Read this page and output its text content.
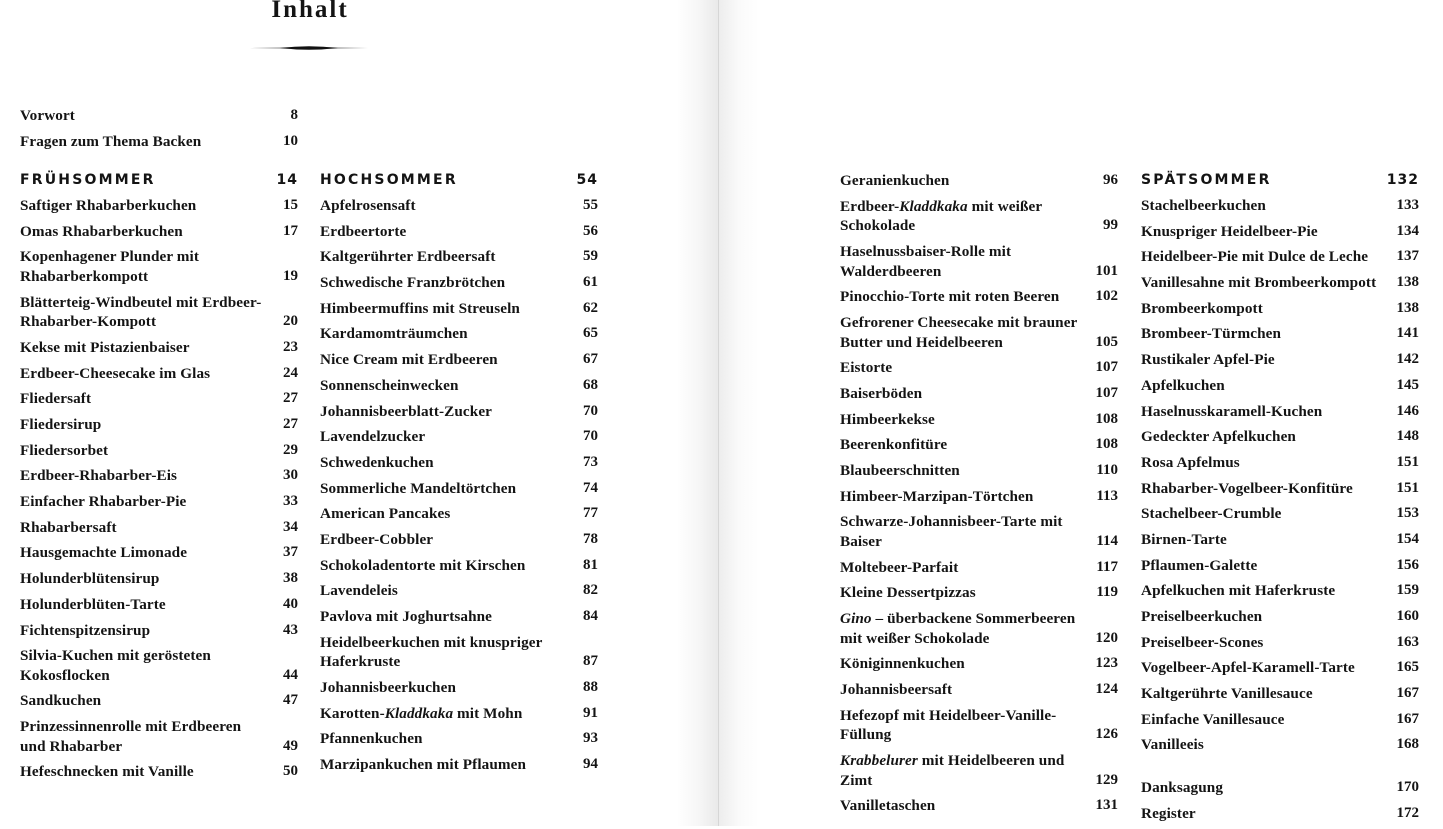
Inhalt
Vorwort	8
Fragen zum Thema Backen	10
FRÜHSOMMER	14
Saftiger Rhabarberkuchen	15
Omas Rhabarberkuchen	17
Kopenhagener Plunder mit Rhabarberkompott	19
Blätterteig-Windbeutel mit Erdbeer-Rhabarber-Kompott	20
Kekse mit Pistazienbaiser	23
Erdbeer-Cheesecake im Glas	24
Fliedersaft	27
Fliedersirup	27
Fliedersorbet	29
Erdbeer-Rhabarber-Eis	30
Einfacher Rhabarber-Pie	33
Rhabarbersaft	34
Hausgemachte Limonade	37
Holunderblütensirup	38
Holunderblüten-Tarte	40
Fichtenspitzensirup	43
Silvia-Kuchen mit gerösteten Kokosflocken	44
Sandkuchen	47
Prinzessinnenrolle mit Erdbeeren und Rhabarber	49
Hefeschnecken mit Vanille	50
HOCHSOMMER	54
Apfelrosensaft	55
Erdbeertorte	56
Kaltgerührter Erdbeersaft	59
Schwedische Franzbrötchen	61
Himbeermuffins mit Streuseln	62
Kardamomträumchen	65
Nice Cream mit Erdbeeren	67
Sonnenscheinwecken	68
Johannisbeerblatt-Zucker	70
Lavendelzucker	70
Schwedenkuchen	73
Sommerliche Mandeltörtchen	74
American Pancakes	77
Erdbeer-Cobbler	78
Schokoladentorte mit Kirschen	81
Lavendeleis	82
Pavlova mit Joghurtsahne	84
Heidelbeerkuchen mit knuspriger Haferkruste	87
Johannisbeerkuchen	88
Karotten-Kladdkaka mit Mohn	91
Pfannenkuchen	93
Marzipankuchen mit Pflaumen	94
Geranienkuchen	96
Erdbeer-Kladdkaka mit weißer Schokolade	99
Haselnussbaiser-Rolle mit Walderdbeeren	101
Pinocchio-Torte mit roten Beeren	102
Gefrorener Cheesecake mit brauner Butter und Heidelbeeren	105
Eistorte	107
Baiserböden	107
Himbeerkekse	108
Beerenkonfitüre	108
Blaubeerschnitten	110
Himbeer-Marzipan-Törtchen	113
Schwarze-Johannisbeer-Tarte mit Baiser	114
Moltebeer-Parfait	117
Kleine Dessertpizzas	119
Gino – überbackene Sommerbeeren mit weißer Schokolade	120
Königinnenkuchen	123
Johannisbeersaft	124
Hefezopf mit Heidelbeer-Vanille-Füllung	126
Krabbelurer mit Heidelbeeren und Zimt	129
Vanilletaschen	131
SPÄTSOMMER	132
Stachelbeerkuchen	133
Knuspriger Heidelbeer-Pie	134
Heidelbeer-Pie mit Dulce de Leche	137
Vanillesahne mit Brombeerkompott	138
Brombeerkompott	138
Brombeer-Türmchen	141
Rustikaler Apfel-Pie	142
Apfelkuchen	145
Haselnusskaramell-Kuchen	146
Gedeckter Apfelkuchen	148
Rosa Apfelmus	151
Rhabarber-Vogelbeer-Konfitüre	151
Stachelbeer-Crumble	153
Birnen-Tarte	154
Pflaumen-Galette	156
Apfelkuchen mit Haferkruste	159
Preiselbeerkuchen	160
Preiselbeer-Scones	163
Vogelbeer-Apfel-Karamell-Tarte	165
Kaltgerührte Vanillesauce	167
Einfache Vanillesauce	167
Vanilleeis	168
Danksagung	170
Register	172
